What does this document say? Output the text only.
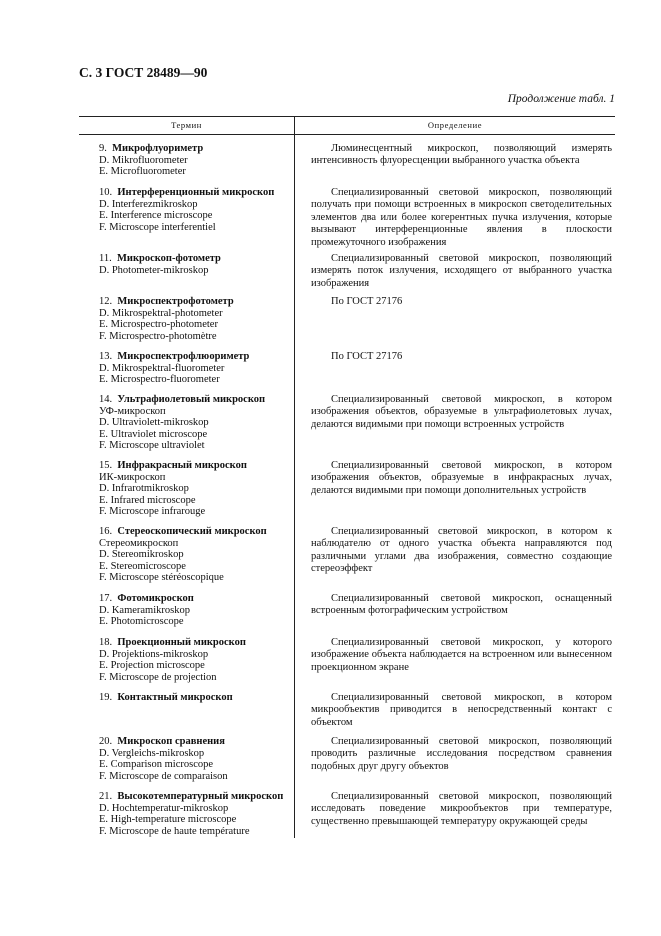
С. 3 ГОСТ 28489—90
Продолжение табл. 1
Термин	Определение
9. Микрофлуориметр
D. Mikrofluorometer
E. Microfluorometer
Люминесцентный микроскоп, позволяющий измерять интенсивность флуоресценции выбранного участка объекта
10. Интерференционный микроскоп
D. Interferezmikroskop
E. Interference microscope
F. Microscope interferentiel
Специализированный световой микроскоп, позволяющий получать при помощи встроенных в микроскоп светоделительных элементов два или более когерентных пучка излучения, которые вызывают интерференционные явления в плоскости промежуточного изображения
11. Микроскоп-фотометр
D. Photometer-mikroskop
Специализированный световой микроскоп, позволяющий измерять поток излучения, исходящего от выбранного участка изображения
12. Микроспектрофотометр
D. Mikrospektral-photometer
E. Microspectro-photometer
F. Microspectro-photomètre
По ГОСТ 27176
13. Микроспектрофлюориметр
D. Mikrospektral-fluorometer
E. Microspectro-fluorometer
По ГОСТ 27176
14. Ультрафиолетовый микроскоп
УФ-микроскоп
D. Ultraviolett-mikroskop
E. Ultraviolet microscope
F. Microscope ultraviolet
Специализированный световой микроскоп, в котором изображения объектов, образуемые в ультрафиолетовых лучах, делаются видимыми при помощи встроенных устройств
15. Инфракрасный микроскоп
ИК-микроскоп
D. Infrarotmikroskop
E. Infrared microscope
F. Microscope infrarouge
Специализированный световой микроскоп, в котором изображения объектов, образуемые в инфракрасных лучах, делаются видимыми при помощи дополнительных устройств
16. Стереоскопический микроскоп
Стереомикроскоп
D. Stereomikroskop
E. Stereomicroscope
F. Microscope stéréoscopique
Специализированный световой микроскоп, в котором к наблюдателю от одного участка объекта направляются под различными углами два изображения, совместно создающие стереоэффект
17. Фотомикроскоп
D. Kameramikroskop
E. Photomicroscope
Специализированный световой микроскоп, оснащенный встроенным фотографическим устройством
18. Проекционный микроскоп
D. Projektions-mikroskop
E. Projection microscope
F. Microscope de projection
Специализированный световой микроскоп, у которого изображение объекта наблюдается на встроенном или вынесенном проекционном экране
19. Контактный микроскоп	Специализированный световой микроскоп, в котором микрообъектив приводится в непосредственный контакт с объектом
20. Микроскоп сравнения
D. Vergleichs-mikroskop
E. Comparison microscope
F. Microscope de comparaison
Специализированный световой микроскоп, позволяющий проводить различные исследования посредством сравнения подобных друг другу объектов
21. Высокотемпературный микроскоп
D. Hochtemperatur-mikroskop
E. High-temperature microscope
F. Microscope de haute température
Специализированный световой микроскоп, позволяющий исследовать поведение микрообъектов при температуре, существенно превышающей температуру окружающей среды
